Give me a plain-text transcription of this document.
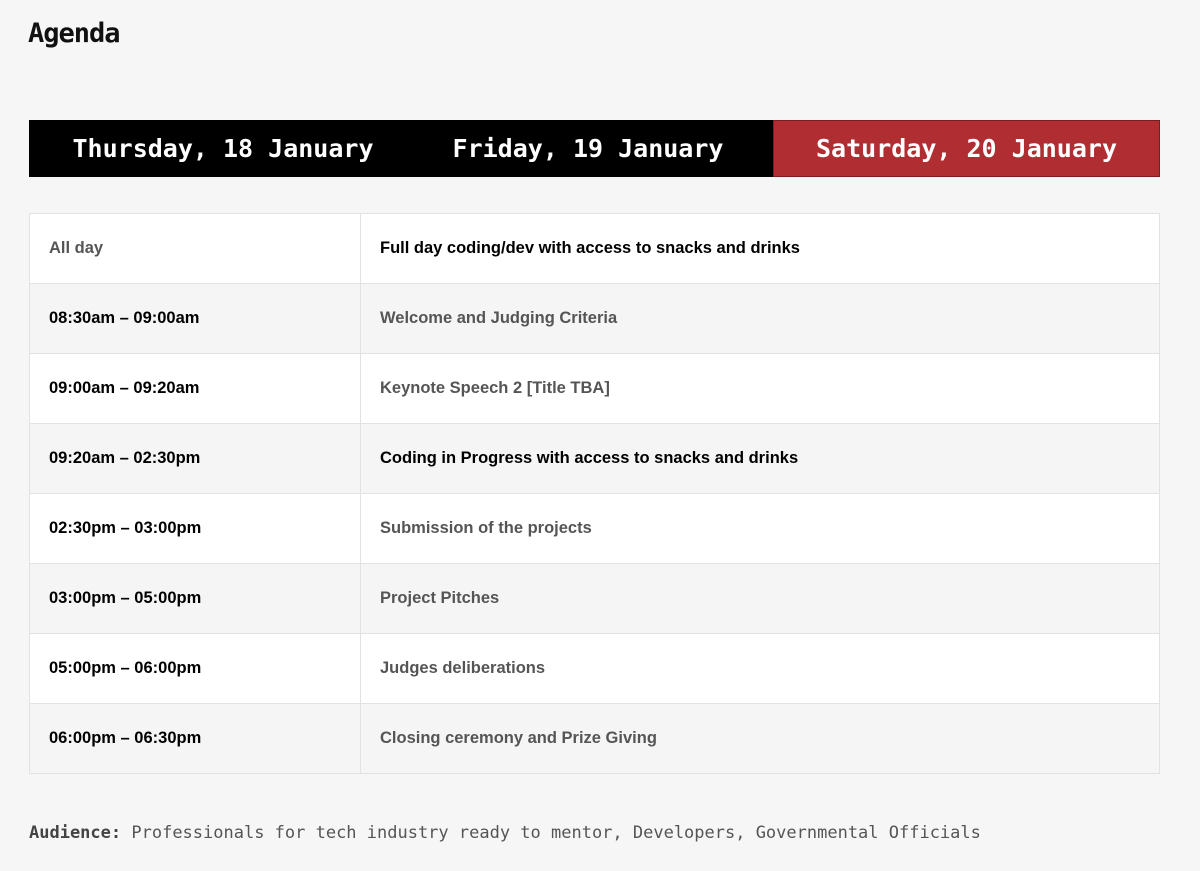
Agenda
Thursday, 18 January	Friday, 19 January	Saturday, 20 January
All day	Full day coding/dev with access to snacks and drinks
08:30am – 09:00am	Welcome and Judging Criteria
09:00am – 09:20am	Keynote Speech 2 [Title TBA]
09:20am – 02:30pm	Coding in Progress with access to snacks and drinks
02:30pm – 03:00pm	Submission of the projects
03:00pm – 05:00pm	Project Pitches
05:00pm – 06:00pm	Judges deliberations
06:00pm – 06:30pm	Closing ceremony and Prize Giving

Audience: Professionals for tech industry ready to mentor, Developers, Governmental Officials
